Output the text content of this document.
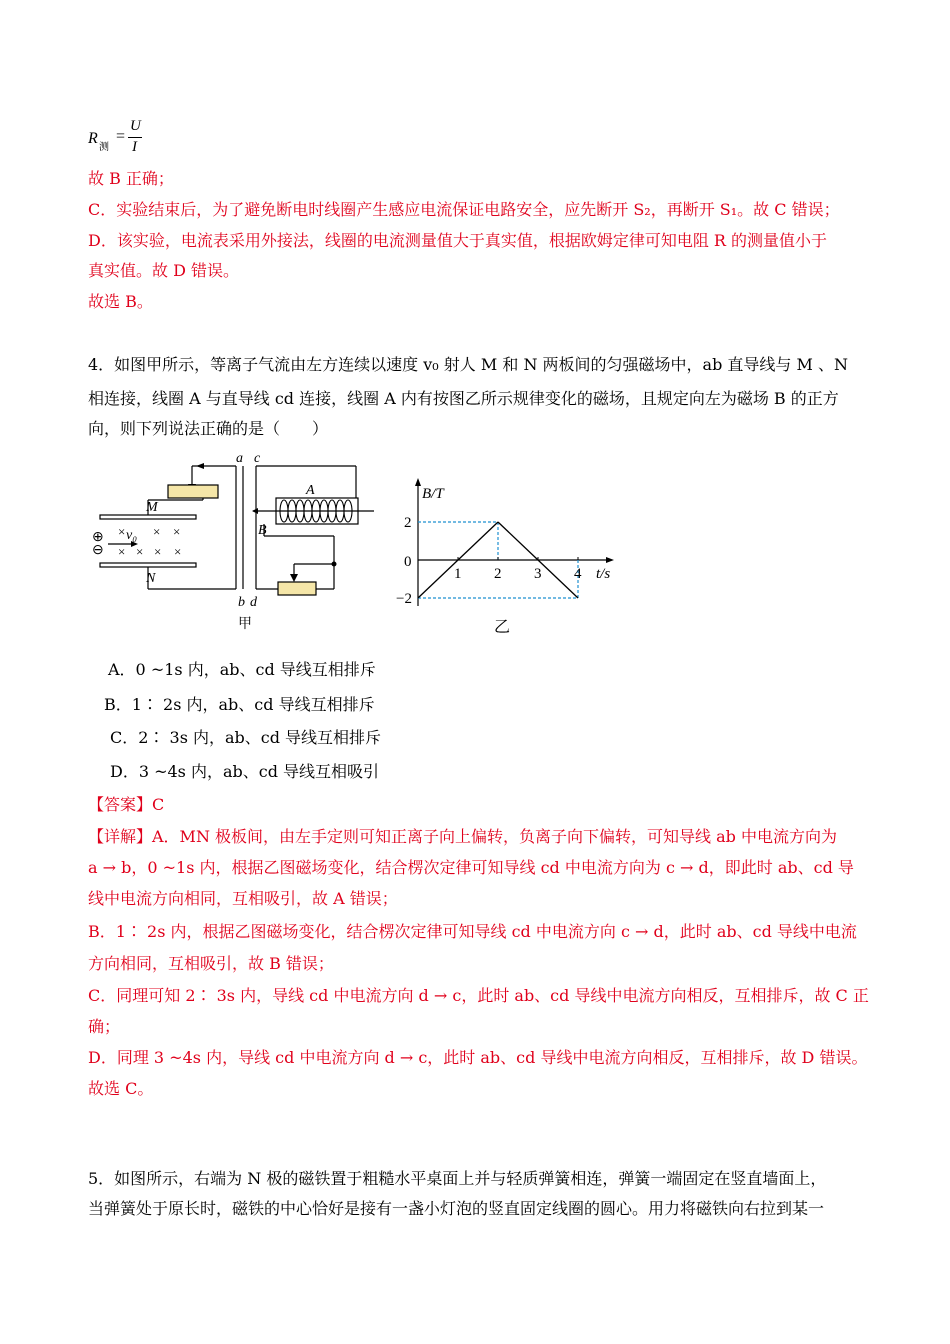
R
测
=
U
I
故 B 正确；
C．实验结束后，为了避免断电时线圈产生感应电流保证电路安全，应先断开 S₂，再断开 S₁。故 C 错误；
D．该实验，电流表采用外接法，线圈的电流测量值大于真实值，根据欧姆定律可知电阻 R 的测量值小于
真实值。故 D 错误。
故选 B。
4．如图甲所示，等离子气流由左方连续以速度 v₀ 射人 M 和 N 两板间的匀强磁场中，ab 直导线与 M 、N
相连接，线圈 A 与直导线 cd 连接，线圈 A 内有按图乙所示规律变化的磁场，且规定向左为磁场 B 的正方
向，则下列说法正确的是（　　）
× × ×
× × × ×
⊕
⊖
v₀
M
N
a c
b d
A
B
甲
1 2 3 4
2
−2
B/T
t/s
0
乙
A．0 ~1s 内，ab、cd 导线互相排斥
B．1∶ 2s 内，ab、cd 导线互相排斥
C．2∶ 3s 内，ab、cd 导线互相排斥
D．3 ~4s 内，ab、cd 导线互相吸引
【答案】C
【详解】A．MN 极板间，由左手定则可知正离子向上偏转，负离子向下偏转，可知导线 ab 中电流方向为
a → b，0 ~1s 内，根据乙图磁场变化，结合楞次定律可知导线 cd 中电流方向为 c → d，即此时 ab、cd 导
线中电流方向相同，互相吸引，故 A 错误；
B．1∶ 2s 内，根据乙图磁场变化，结合楞次定律可知导线 cd 中电流方向 c → d，此时 ab、cd 导线中电流
方向相同，互相吸引，故 B 错误；
C．同理可知 2∶ 3s 内，导线 cd 中电流方向 d → c，此时 ab、cd 导线中电流方向相反，互相排斥，故 C 正
确；
D．同理 3 ~4s 内，导线 cd 中电流方向 d → c，此时 ab、cd 导线中电流方向相反，互相排斥，故 D 错误。
故选 C。
5．如图所示，右端为 N 极的磁铁置于粗糙水平桌面上并与轻质弹簧相连，弹簧一端固定在竖直墙面上，
当弹簧处于原长时，磁铁的中心恰好是接有一盏小灯泡的竖直固定线圈的圆心。用力将磁铁向右拉到某一
